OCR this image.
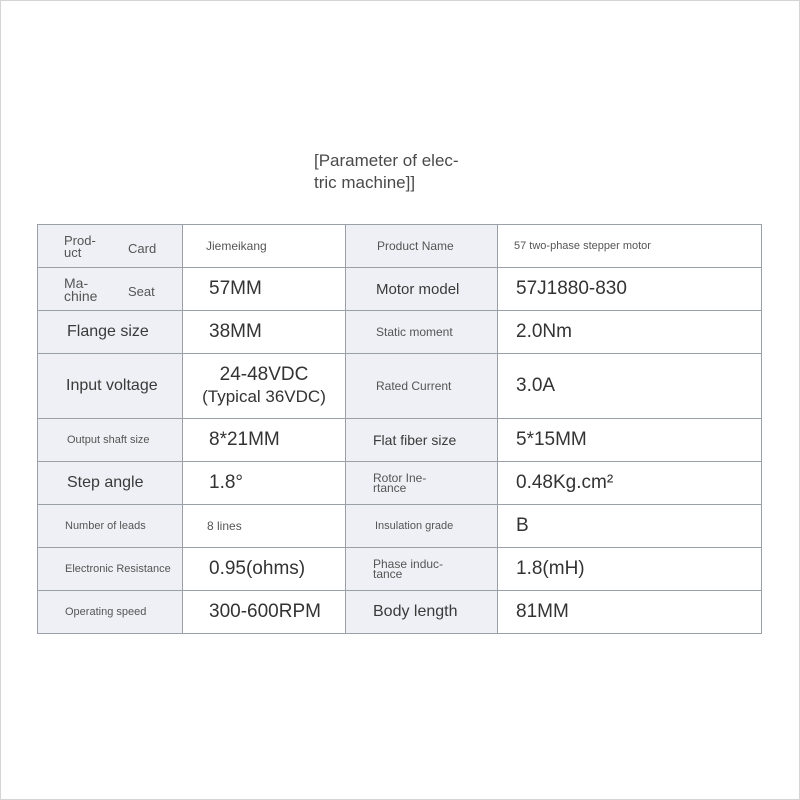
[Parameter of elec-

tric machine]]
Prod-
uct Card	Jiemeikang	Product Name	57 two-phase stepper motor

Ma-
chine Seat	57MM	Motor model	57J1880-830

Flange size	38MM	Static moment	2.0Nm

Input voltage	24-48VDC
(Typical 36VDC)	Rated Current	3.0A

Output shaft size	8*21MM	Flat fiber size	5*15MM

Step angle	1.8°	Rotor Ine-
rtance	0.48Kg.cm²

Number of leads	8 lines	Insulation grade	B

Electronic Resistance	0.95(ohms)	Phase induc-
tance	1.8(mH)

Operating speed	300-600RPM	Body length	81MM
